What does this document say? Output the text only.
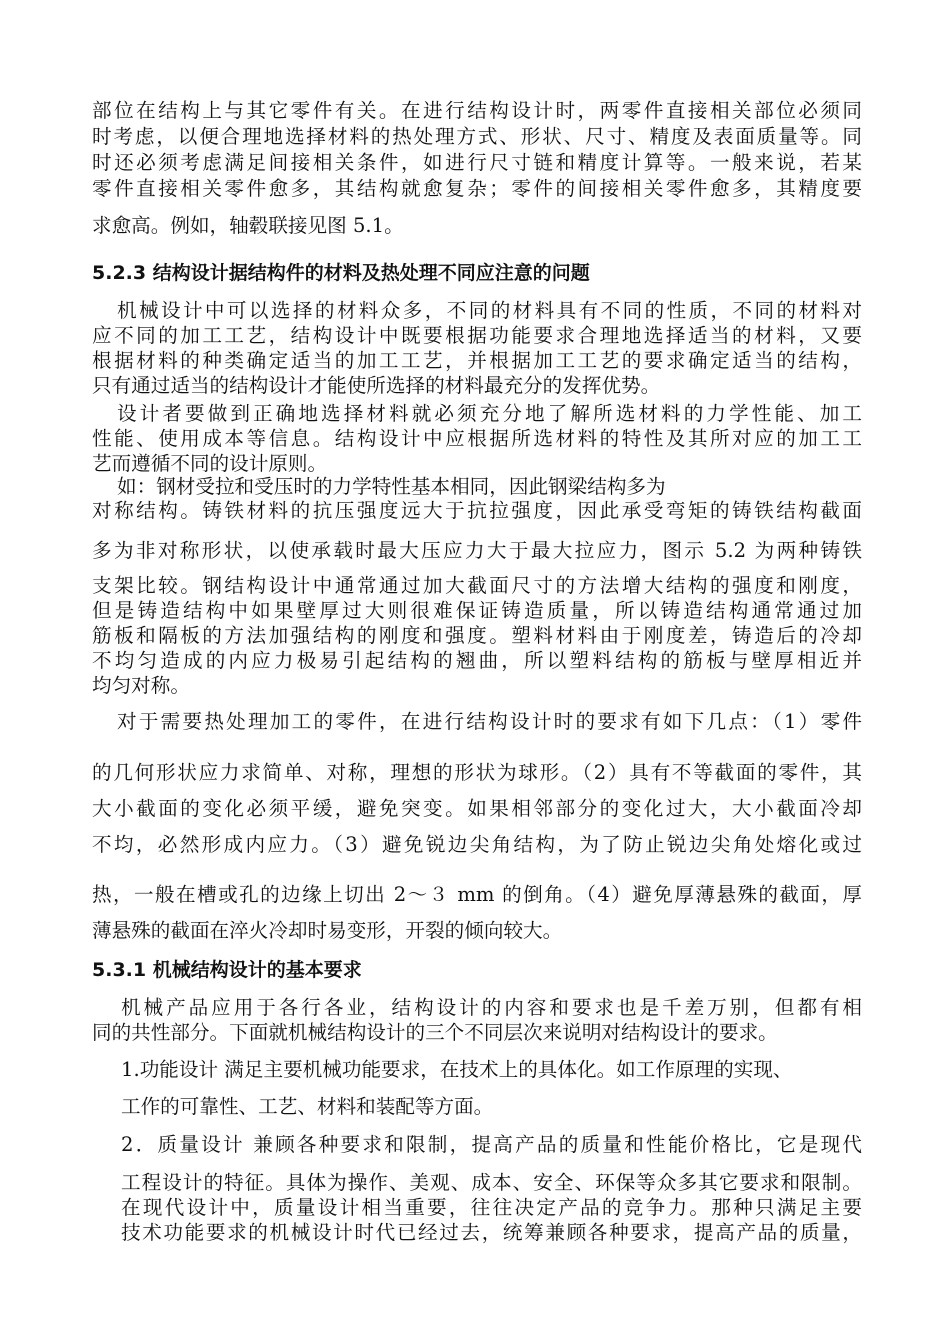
部位在结构上与其它零件有关。在进行结构设计时，两零件直接相关部位必须同
时考虑，以便合理地选择材料的热处理方式、形状、尺寸、精度及表面质量等。同
时还必须考虑满足间接相关条件，如进行尺寸链和精度计算等。一般来说，若某
零件直接相关零件愈多，其结构就愈复杂；零件的间接相关零件愈多，其精度要
求愈高。例如，轴毂联接见图 5.1。
5.2.3 结构设计据结构件的材料及热处理不同应注意的问题
机械设计中可以选择的材料众多，不同的材料具有不同的性质，不同的材料对
应不同的加工工艺，结构设计中既要根据功能要求合理地选择适当的材料，又要
根据材料的种类确定适当的加工工艺，并根据加工工艺的要求确定适当的结构，
只有通过适当的结构设计才能使所选择的材料最充分的发挥优势。
设计者要做到正确地选择材料就必须充分地了解所选材料的力学性能、加工
性能、使用成本等信息。结构设计中应根据所选材料的特性及其所对应的加工工
艺而遵循不同的设计原则。
如：钢材受拉和受压时的力学特性基本相同，因此钢梁结构多为
对称结构。铸铁材料的抗压强度远大于抗拉强度，因此承受弯矩的铸铁结构截面
多为非对称形状，以使承载时最大压应力大于最大拉应力，图示 5.2 为两种铸铁
支架比较。钢结构设计中通常通过加大截面尺寸的方法增大结构的强度和刚度，
但是铸造结构中如果壁厚过大则很难保证铸造质量，所以铸造结构通常通过加
筋板和隔板的方法加强结构的刚度和强度。塑料材料由于刚度差，铸造后的冷却
不均匀造成的内应力极易引起结构的翘曲，所以塑料结构的筋板与壁厚相近并
均匀对称。
对于需要热处理加工的零件，在进行结构设计时的要求有如下几点：（1）零件
的几何形状应力求简单、对称，理想的形状为球形。（2）具有不等截面的零件，其
大小截面的变化必须平缓，避免突变。如果相邻部分的变化过大，大小截面冷却
不均，必然形成内应力。（3）避免锐边尖角结构，为了防止锐边尖角处熔化或过
热，一般在槽或孔的边缘上切出 2～３ mm 的倒角。（4）避免厚薄悬殊的截面，厚
薄悬殊的截面在淬火冷却时易变形，开裂的倾向较大。
5.3.1 机械结构设计的基本要求
机械产品应用于各行各业，结构设计的内容和要求也是千差万别，但都有相
同的共性部分。下面就机械结构设计的三个不同层次来说明对结构设计的要求。
1.功能设计 满足主要机械功能要求，在技术上的具体化。如工作原理的实现、
工作的可靠性、工艺、材料和装配等方面。
2．质量设计 兼顾各种要求和限制，提高产品的质量和性能价格比，它是现代
工程设计的特征。具体为操作、美观、成本、安全、环保等众多其它要求和限制。
在现代设计中，质量设计相当重要，往往决定产品的竞争力。那种只满足主要
技术功能要求的机械设计时代已经过去，统筹兼顾各种要求，提高产品的质量，
